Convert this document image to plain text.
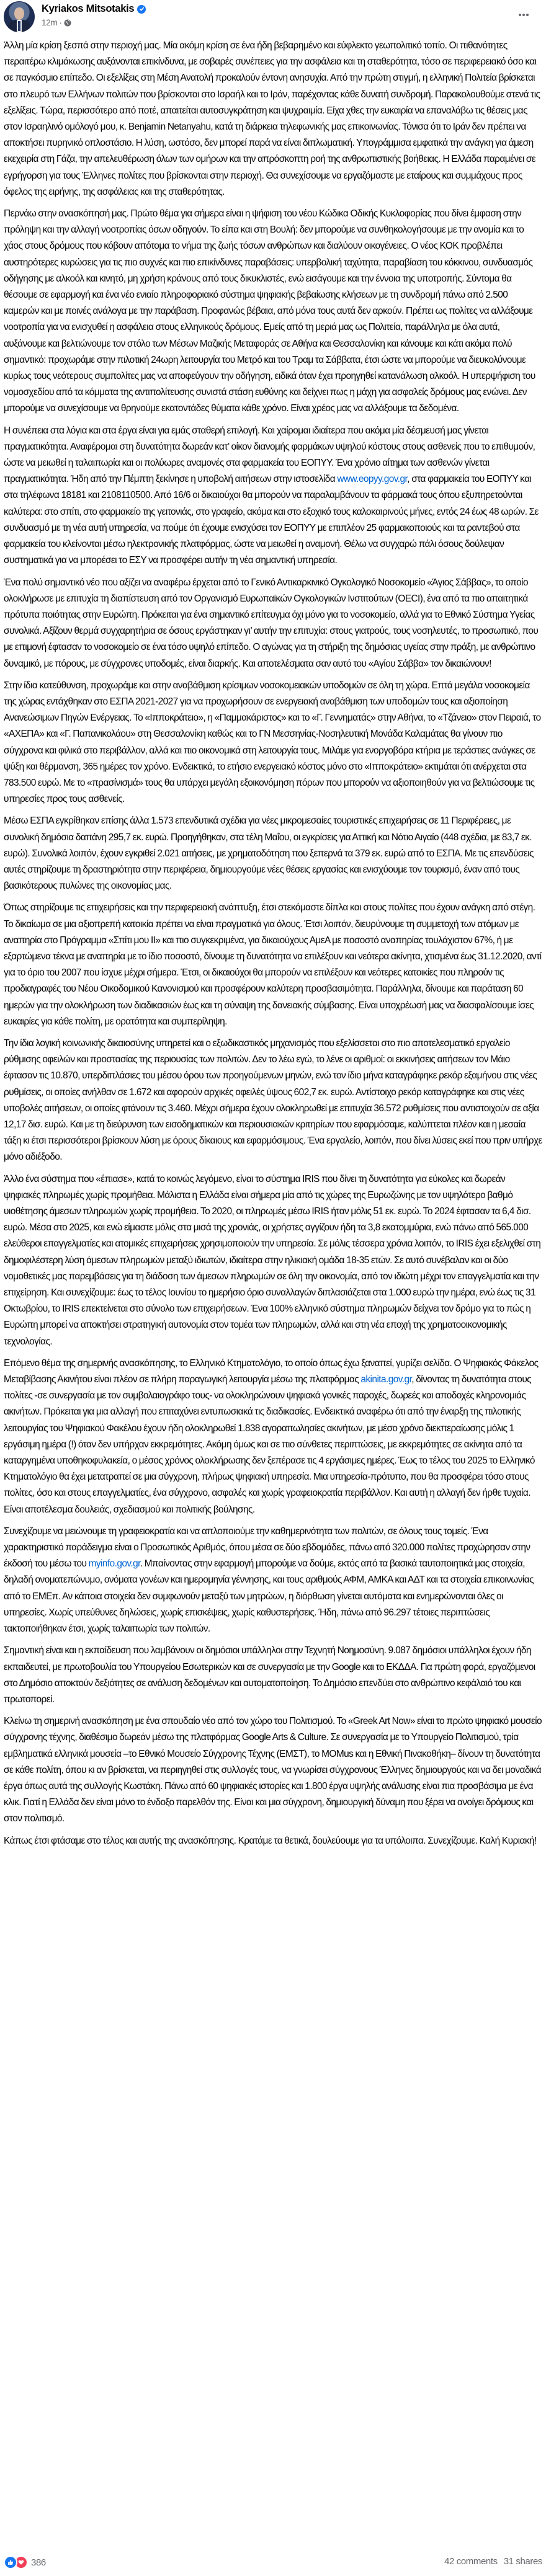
Kyriakos Mitsotakis
12m ·

Άλλη μία κρίση ξεσπά στην περιοχή μας. Μία ακόμη κρίση σε ένα ήδη βεβαρημένο και εύφλεκτο γεωπολιτικό τοπίο. Οι πιθανότητες περαιτέρω κλιμάκωσης αυξάνονται επικίνδυνα, με σοβαρές συνέπειες για την ασφάλεια και τη σταθερότητα, τόσο σε περιφερειακό όσο και σε παγκόσμιο επίπεδο. Οι εξελίξεις στη Μέση Ανατολή προκαλούν έντονη ανησυχία. Από την πρώτη στιγμή, η ελληνική Πολιτεία βρίσκεται στο πλευρό των Ελλήνων πολιτών που βρίσκονται στο Ισραήλ και το Ιράν, παρέχοντας κάθε δυνατή συνδρομή. Παρακολουθούμε στενά τις εξελίξεις. Τώρα, περισσότερο από ποτέ, απαιτείται αυτοσυγκράτηση και ψυχραιμία. Είχα χθες την ευκαιρία να επαναλάβω τις θέσεις μας στον Ισραηλινό ομόλογό μου, κ. Benjamin Netanyahu, κατά τη διάρκεια τηλεφωνικής μας επικοινωνίας. Τόνισα ότι το Ιράν δεν πρέπει να αποκτήσει πυρηνικό οπλοστάσιο. Η λύση, ωστόσο, δεν μπορεί παρά να είναι διπλωματική. Υπογράμμισα εμφατικά την ανάγκη για άμεση εκεχειρία στη Γάζα, την απελευθέρωση όλων των ομήρων και την απρόσκοπτη ροή της ανθρωπιστικής βοήθειας. Η Ελλάδα παραμένει σε εγρήγορση για τους Έλληνες πολίτες που βρίσκονται στην περιοχή. Θα συνεχίσουμε να εργαζόμαστε με εταίρους και συμμάχους προς όφελος της ειρήνης, της ασφάλειας και της σταθερότητας.

Περνάω στην ανασκόπησή μας. Πρώτο θέμα για σήμερα είναι η ψήφιση του νέου Κώδικα Οδικής Κυκλοφορίας που δίνει έμφαση στην πρόληψη και την αλλαγή νοοτροπίας όσων οδηγούν. Το είπα και στη Βουλή: δεν μπορούμε να συνθηκολογήσουμε με την ανομία και το χάος στους δρόμους που κόβουν απότομα το νήμα της ζωής τόσων ανθρώπων και διαλύουν οικογένειες. Ο νέος ΚΟΚ προβλέπει αυστηρότερες κυρώσεις για τις πιο συχνές και πιο επικίνδυνες παραβάσεις: υπερβολική ταχύτητα, παραβίαση του κόκκινου, συνδυασμός οδήγησης με αλκοόλ και κινητό, μη χρήση κράνους από τους δικυκλιστές, ενώ εισάγουμε και την έννοια της υποτροπής. Σύντομα θα θέσουμε σε εφαρμογή και ένα νέο ενιαίο πληροφοριακό σύστημα ψηφιακής βεβαίωσης κλήσεων με τη συνδρομή πάνω από 2.500 καμερών και με ποινές ανάλογα με την παράβαση. Προφανώς βέβαια, από μόνα τους αυτά δεν αρκούν. Πρέπει ως πολίτες να αλλάξουμε νοοτροπία για να ενισχυθεί η ασφάλεια στους ελληνικούς δρόμους. Εμείς από τη μεριά μας ως Πολιτεία, παράλληλα με όλα αυτά, αυξάνουμε και βελτιώνουμε τον στόλο των Μέσων Μαζικής Μεταφοράς σε Αθήνα και Θεσσαλονίκη και κάνουμε και κάτι ακόμα πολύ σημαντικό: προχωράμε στην πιλοτική 24ωρη λειτουργία του Μετρό και του Τραμ τα Σάββατα, έτσι ώστε να μπορούμε να διευκολύνουμε κυρίως τους νεότερους συμπολίτες μας να αποφεύγουν την οδήγηση, ειδικά όταν έχει προηγηθεί κατανάλωση αλκοόλ. Η υπερψήφιση του νομοσχεδίου από τα κόμματα της αντιπολίτευσης συνιστά στάση ευθύνης και δείχνει πως η μάχη για ασφαλείς δρόμους μας ενώνει. Δεν μπορούμε να συνεχίσουμε να θρηνούμε εκατοντάδες θύματα κάθε χρόνο. Είναι χρέος μας να αλλάξουμε τα δεδομένα.

Η συνέπεια στα λόγια και στα έργα είναι για εμάς σταθερή επιλογή. Και χαίρομαι ιδιαίτερα που ακόμα μία δέσμευσή μας γίνεται πραγματικότητα. Αναφέρομαι στη δυνατότητα δωρεάν κατ’ οίκον διανομής φαρμάκων υψηλού κόστους στους ασθενείς που το επιθυμούν, ώστε να μειωθεί η ταλαιπωρία και οι πολύωρες αναμονές στα φαρμακεία του ΕΟΠΥΥ. Ένα χρόνιο αίτημα των ασθενών γίνεται πραγματικότητα. Ήδη από την Πέμπτη ξεκίνησε η υποβολή αιτήσεων στην ιστοσελίδα www.eopyy.gov.gr, στα φαρμακεία του ΕΟΠΥΥ και στα τηλέφωνα 18181 και 2108110500. Από 16/6 οι δικαιούχοι θα μπορούν να παραλαμβάνουν τα φάρμακά τους όπου εξυπηρετούνται καλύτερα: στο σπίτι, στο φαρμακείο της γειτονιάς, στο γραφείο, ακόμα και στο εξοχικό τους καλοκαιρινούς μήνες, εντός 24 έως 48 ωρών. Σε συνδυασμό με τη νέα αυτή υπηρεσία, να πούμε ότι έχουμε ενισχύσει τον ΕΟΠΥΥ με επιπλέον 25 φαρμακοποιούς και τα ραντεβού στα φαρμακεία του κλείνονται μέσω ηλεκτρονικής πλατφόρμας, ώστε να μειωθεί η αναμονή. Θέλω να συγχαρώ πάλι όσους δούλεψαν συστηματικά για να μπορέσει το ΕΣΥ να προσφέρει αυτήν τη νέα σημαντική υπηρεσία.

Ένα πολύ σημαντικό νέο που αξίζει να αναφέρω έρχεται από το Γενικό Αντικαρκινικό Ογκολογικό Νοσοκομείο «Άγιος Σάββας», το οποίο ολοκλήρωσε με επιτυχία τη διαπίστευση από τον Οργανισμό Ευρωπαϊκών Ογκολογικών Ινστιτούτων (OECI), ένα από τα πιο απαιτητικά πρότυπα ποιότητας στην Ευρώπη. Πρόκειται για ένα σημαντικό επίτευγμα όχι μόνο για το νοσοκομείο, αλλά για το Εθνικό Σύστημα Υγείας συνολικά. Αξίζουν θερμά συγχαρητήρια σε όσους εργάστηκαν γι’ αυτήν την επιτυχία: στους γιατρούς, τους νοσηλευτές, το προσωπικό, που με επιμονή έφτασαν το νοσοκομείο σε ένα τόσο υψηλό επίπεδο. Ο αγώνας για τη στήριξη της δημόσιας υγείας στην πράξη, με ανθρώπινο δυναμικό, με πόρους, με σύγχρονες υποδομές, είναι διαρκής. Και αποτελέσματα σαν αυτό του «Αγίου Σάββα» τον δικαιώνουν!

Στην ίδια κατεύθυνση, προχωράμε και στην αναβάθμιση κρίσιμων νοσοκομειακών υποδομών σε όλη τη χώρα. Επτά μεγάλα νοσοκομεία της χώρας εντάχθηκαν στο ΕΣΠΑ 2021-2027 για να προχωρήσουν σε ενεργειακή αναβάθμιση των υποδομών τους και αξιοποίηση Ανανεώσιμων Πηγών Ενέργειας. Το «Ιπποκράτειο», η «Παμμακάριστος» και το «Γ. Γεννηματάς» στην Αθήνα, το «Τζάνειο» στον Πειραιά, το «ΑΧΕΠΑ» και «Γ. Παπανικολάου» στη Θεσσαλονίκη καθώς και το ΓΝ Μεσσηνίας-Νοσηλευτική Μονάδα Καλαμάτας θα γίνουν πιο σύγχρονα και φιλικά στο περιβάλλον, αλλά και πιο οικονομικά στη λειτουργία τους. Μιλάμε για ενοργοβόρα κτήρια με τεράστιες ανάγκες σε ψύξη και θέρμανση, 365 ημέρες τον χρόνο. Ενδεικτικά, το ετήσιο ενεργειακό κόστος μόνο στο «Ιπποκράτειο» εκτιμάται ότι ανέρχεται στα 783.500 ευρώ. Με το «πρασίνισμά» τους θα υπάρχει μεγάλη εξοικονόμηση πόρων που μπορούν να αξιοποιηθούν για να βελτιώσουμε τις υπηρεσίες προς τους ασθενείς.

Μέσω ΕΣΠΑ εγκρίθηκαν επίσης άλλα 1.573 επενδυτικά σχέδια για νέες μικρομεσαίες τουριστικές επιχειρήσεις σε 11 Περιφέρειες, με συνολική δημόσια δαπάνη 295,7 εκ. ευρώ. Προηγήθηκαν, στα τέλη Μαΐου, οι εγκρίσεις για Αττική και Νότιο Αιγαίο (448 σχέδια, με 83,7 εκ. ευρώ). Συνολικά λοιπόν, έχουν εγκριθεί 2.021 αιτήσεις, με χρηματοδότηση που ξεπερνά τα 379 εκ. ευρώ από το ΕΣΠΑ. Με τις επενδύσεις αυτές στηρίζουμε τη δραστηριότητα στην περιφέρεια, δημιουργούμε νέες θέσεις εργασίας και ενισχύουμε τον τουρισμό, έναν από τους βασικότερους πυλώνες της οικονομίας μας.

Όπως στηρίζουμε τις επιχειρήσεις και την περιφερειακή ανάπτυξη, έτσι στεκόμαστε δίπλα και στους πολίτες που έχουν ανάγκη από στέγη. Το δικαίωμα σε μια αξιοπρεπή κατοικία πρέπει να είναι πραγματικά για όλους. Έτσι λοιπόν, διευρύνουμε τη συμμετοχή των ατόμων με αναπηρία στο Πρόγραμμα «Σπίτι μου ΙΙ» και πιο συγκεκριμένα, για δικαιούχους ΑμεΑ με ποσοστό αναπηρίας τουλάχιστον 67%, ή με εξαρτώμενα τέκνα με αναπηρία με το ίδιο ποσοστό, δίνουμε τη δυνατότητα να επιλέξουν και νεότερα ακίνητα, χτισμένα έως 31.12.2020, αντί για το όριο του 2007 που ίσχυε μέχρι σήμερα. Έτσι, οι δικαιούχοι θα μπορούν να επιλέξουν και νεότερες κατοικίες που πληρούν τις προδιαγραφές του Νέου Οικοδομικού Κανονισμού και προσφέρουν καλύτερη προσβασιμότητα. Παράλληλα, δίνουμε και παράταση 60 ημερών για την ολοκλήρωση των διαδικασιών έως και τη σύναψη της δανειακής σύμβασης. Είναι υποχρέωσή μας να διασφαλίσουμε ίσες ευκαιρίες για κάθε πολίτη, με ορατότητα και συμπερίληψη.

Την ίδια λογική κοινωνικής δικαιοσύνης υπηρετεί και ο εξωδικαστικός μηχανισμός που εξελίσσεται στο πιο αποτελεσματικό εργαλείο ρύθμισης οφειλών και προστασίας της περιουσίας των πολιτών. Δεν το λέω εγώ, το λένε οι αριθμοί: οι εκκινήσεις αιτήσεων τον Μάιο έφτασαν τις 10.870, υπερδιπλάσιες του μέσου όρου των προηγούμενων μηνών, ενώ τον ίδιο μήνα καταγράφηκε ρεκόρ εξαμήνου στις νέες ρυθμίσεις, οι οποίες ανήλθαν σε 1.672 και αφορούν αρχικές οφειλές ύψους 602,7 εκ. ευρώ. Αντίστοιχο ρεκόρ καταγράφηκε και στις νέες υποβολές αιτήσεων, οι οποίες φτάνουν τις 3.460. Μέχρι σήμερα έχουν ολοκληρωθεί με επιτυχία 36.572 ρυθμίσεις που αντιστοιχούν σε αξία 12,17 δισ. ευρώ. Και με τη διεύρυνση των εισοδηματικών και περιουσιακών κριτηρίων που εφαρμόσαμε, καλύπτεται πλέον και η μεσαία τάξη κι έτσι περισσότεροι βρίσκουν λύση με όρους δίκαιους και εφαρμόσιμους. Ένα εργαλείο, λοιπόν, που δίνει λύσεις εκεί που πριν υπήρχε μόνο αδιέξοδο.

Άλλο ένα σύστημα που «έπιασε», κατά το κοινώς λεγόμενο, είναι το σύστημα IRIS που δίνει τη δυνατότητα για εύκολες και δωρεάν ψηφιακές πληρωμές χωρίς προμήθεια. Μάλιστα η Ελλάδα είναι σήμερα μία από τις χώρες της Ευρωζώνης με τον υψηλότερο βαθμό υιοθέτησης άμεσων πληρωμών χωρίς προμήθεια. Το 2020, οι πληρωμές μέσω IRIS ήταν μόλις 51 εκ. ευρώ. Το 2024 έφτασαν τα 6,4 δισ. ευρώ. Μέσα στο 2025, και ενώ είμαστε μόλις στα μισά της χρονιάς, οι χρήστες αγγίζουν ήδη τα 3,8 εκατομμύρια, ενώ πάνω από 565.000 ελεύθεροι επαγγελματίες και ατομικές επιχειρήσεις χρησιμοποιούν την υπηρεσία. Σε μόλις τέσσερα χρόνια λοιπόν, το IRIS έχει εξελιχθεί στη δημοφιλέστερη λύση άμεσων πληρωμών μεταξύ ιδιωτών, ιδιαίτερα στην ηλικιακή ομάδα 18-35 ετών. Σε αυτό συνέβαλαν και οι δύο νομοθετικές μας παρεμβάσεις για τη διάδοση των άμεσων πληρωμών σε όλη την οικονομία, από τον ιδιώτη μέχρι τον επαγγελματία και την επιχείρηση. Και συνεχίζουμε: έως το τέλος Ιουνίου το ημερήσιο όριο συναλλαγών διπλασιάζεται στα 1.000 ευρώ την ημέρα, ενώ έως τις 31 Οκτωβρίου, το IRIS επεκτείνεται στο σύνολο των επιχειρήσεων. Ένα 100% ελληνικό σύστημα πληρωμών δείχνει τον δρόμο για το πώς η Ευρώπη μπορεί να αποκτήσει στρατηγική αυτονομία στον τομέα των πληρωμών, αλλά και στη νέα εποχή της χρηματοοικονομικής τεχνολογίας.

Επόμενο θέμα της σημερινής ανασκόπησης, το Ελληνικό Κτηματολόγιο, το οποίο όπως έχω ξαναπεί, γυρίζει σελίδα. Ο Ψηφιακός Φάκελος Μεταβίβασης Ακινήτου είναι πλέον σε πλήρη παραγωγική λειτουργία μέσω της πλατφόρμας akinita.gov.gr, δίνοντας τη δυνατότητα στους πολίτες -σε συνεργασία με τον συμβολαιογράφο τους- να ολοκληρώνουν ψηφιακά γονικές παροχές, δωρεές και αποδοχές κληρονομιάς ακινήτων. Πρόκειται για μια αλλαγή που επιταχύνει εντυπωσιακά τις διαδικασίες. Ενδεικτικά αναφέρω ότι από την έναρξη της πιλοτικής λειτουργίας του Ψηφιακού Φακέλου έχουν ήδη ολοκληρωθεί 1.838 αγοραπωλησίες ακινήτων, με μέσο χρόνο διεκπεραίωσης μόλις 1 εργάσιμη ημέρα (!) όταν δεν υπήρχαν εκκρεμότητες. Ακόμη όμως και σε πιο σύνθετες περιπτώσεις, με εκκρεμότητες σε ακίνητα από τα καταργημένα υποθηκοφυλακεία, ο μέσος χρόνος ολοκλήρωσης δεν ξεπέρασε τις 4 εργάσιμες ημέρες. Έως το τέλος του 2025 το Ελληνικό Κτηματολόγιο θα έχει μετατραπεί σε μια σύγχρονη, πλήρως ψηφιακή υπηρεσία. Μια υπηρεσία-πρότυπο, που θα προσφέρει τόσο στους πολίτες, όσο και στους επαγγελματίες, ένα σύγχρονο, ασφαλές και χωρίς γραφειοκρατία περιβάλλον. Και αυτή η αλλαγή δεν ήρθε τυχαία. Είναι αποτέλεσμα δουλειάς, σχεδιασμού και πολιτικής βούλησης.

Συνεχίζουμε να μειώνουμε τη γραφειοκρατία και να απλοποιούμε την καθημερινότητα των πολιτών, σε όλους τους τομείς. Ένα χαρακτηριστικό παράδειγμα είναι ο Προσωπικός Αριθμός, όπου μέσα σε δύο εβδομάδες, πάνω από 320.000 πολίτες προχώρησαν στην έκδοσή του μέσω του myinfo.gov.gr. Μπαίνοντας στην εφαρμογή μπορούμε να δούμε, εκτός από τα βασικά ταυτοποιητικά μας στοιχεία, δηλαδή ονοματεπώνυμο, ονόματα γονέων και ημερομηνία γέννησης, και τους αριθμούς ΑΦΜ, ΑΜΚΑ και ΑΔΤ και τα στοιχεία επικοινωνίας από το ΕΜΕπ. Αν κάποια στοιχεία δεν συμφωνούν μεταξύ των μητρώων, η διόρθωση γίνεται αυτόματα και ενημερώνονται όλες οι υπηρεσίες. Χωρίς υπεύθυνες δηλώσεις, χωρίς επισκέψεις, χωρίς καθυστερήσεις. Ήδη, πάνω από 96.297 τέτοιες περιπτώσεις τακτοποιήθηκαν έτσι, χωρίς ταλαιπωρία των πολιτών.

Σημαντική είναι και η εκπαίδευση που λαμβάνουν οι δημόσιοι υπάλληλοι στην Τεχνητή Νοημοσύνη. 9.087 δημόσιοι υπάλληλοι έχουν ήδη εκπαιδευτεί, με πρωτοβουλία του Υπουργείου Εσωτερικών και σε συνεργασία με την Google και το ΕΚΔΔΑ. Για πρώτη φορά, εργαζόμενοι στο Δημόσιο αποκτούν δεξιότητες σε ανάλυση δεδομένων και αυτοματοποίηση. Το Δημόσιο επενδύει στο ανθρώπινο κεφάλαιό του και πρωτοπορεί.

Κλείνω τη σημερινή ανασκόπηση με ένα σπουδαίο νέο από τον χώρο του Πολιτισμού. Το «Greek Art Now» είναι το πρώτο ψηφιακό μουσείο σύγχρονης τέχνης, διαθέσιμο δωρεάν μέσω της πλατφόρμας Google Arts & Culture. Σε συνεργασία με το Υπουργείο Πολιτισμού, τρία εμβληματικά ελληνικά μουσεία –το Εθνικό Μουσείο Σύγχρονης Τέχνης (ΕΜΣΤ), το MOMus και η Εθνική Πινακοθήκη– δίνουν τη δυνατότητα σε κάθε πολίτη, όπου κι αν βρίσκεται, να περιηγηθεί στις συλλογές τους, να γνωρίσει σύγχρονους Έλληνες δημιουργούς και να δει μοναδικά έργα όπως αυτά της συλλογής Κωστάκη. Πάνω από 60 ψηφιακές ιστορίες και 1.800 έργα υψηλής ανάλυσης είναι πια προσβάσιμα με ένα κλικ. Γιατί η Ελλάδα δεν είναι μόνο το ένδοξο παρελθόν της. Είναι και μια σύγχρονη, δημιουργική δύναμη που ξέρει να ανοίγει δρόμους και στον πολιτισμό.

Κάπως έτσι φτάσαμε στο τέλος και αυτής της ανασκόπησης. Κρατάμε τα θετικά, δουλεύουμε για τα υπόλοιπα. Συνεχίζουμε. Καλή Κυριακή!

386	42 comments 31 shares
